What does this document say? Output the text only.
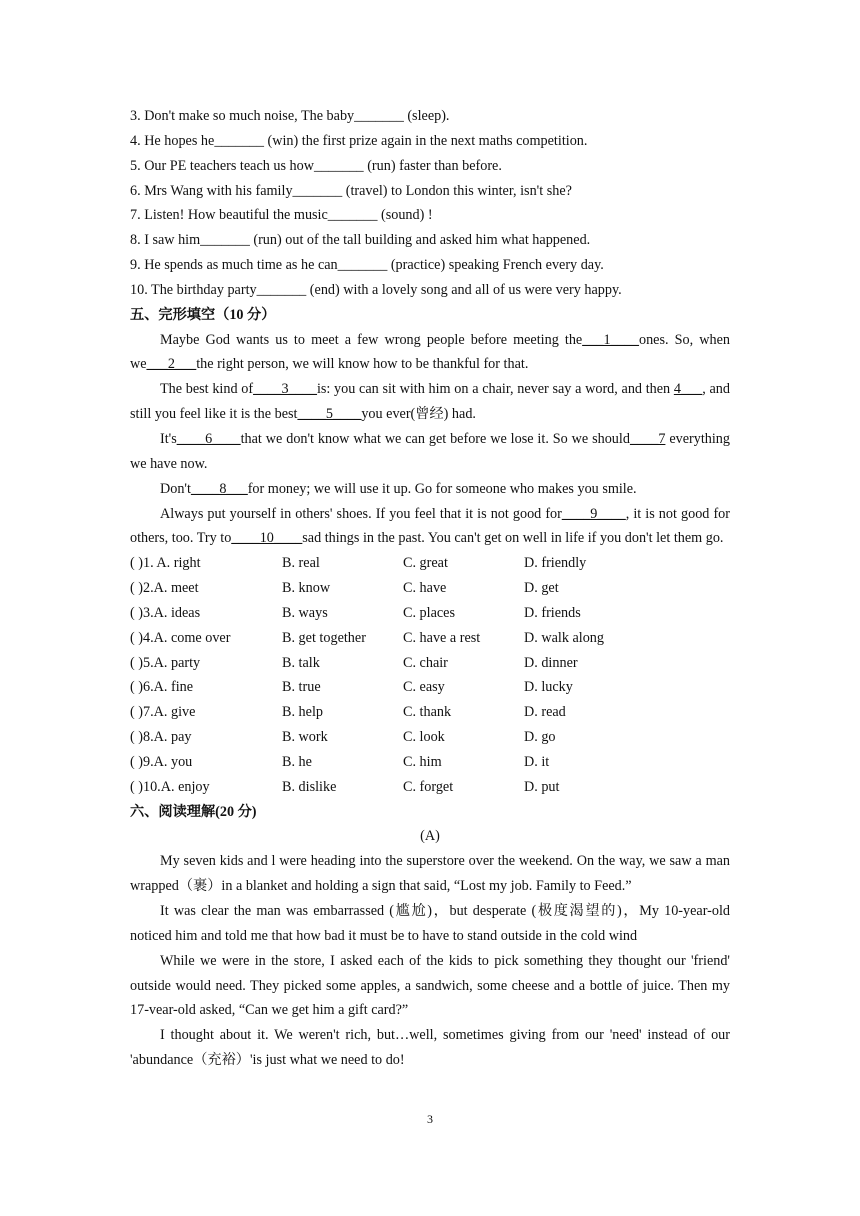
3. Don't make so much noise, The baby_______ (sleep).
4. He hopes he_______ (win) the first prize again in the next maths competition.
5. Our PE teachers teach us how_______ (run) faster than before.
6. Mrs Wang with his family_______ (travel) to London this winter, isn't she?
7. Listen! How beautiful the music_______ (sound) !
8. I saw him_______ (run) out of the tall building and asked him what happened.
9. He spends as much time as he can_______ (practice) speaking French every day.
10. The birthday party_______ (end) with a lovely song and all of us were very happy.
五、完形填空（10 分）
Maybe God wants us to meet a few wrong people before meeting the___1____ones. So, when we___2___the right person, we will know how to be thankful for that.
The best kind of____3____is: you can sit with him on a chair, never say a word, and then 4___, and still you feel like it is the best____5____you ever(曾经) had.
It's____6____that we don't know what we can get before we lose it. So we should____7 everything we have now.
Don't____8___for money; we will use it up. Go for someone who makes you smile.
Always put yourself in others' shoes. If you feel that it is not good for____9____, it is not good for others, too. Try to____10____sad things in the past. You can't get on well in life if you don't let them go.
( )1. A. right	B. real	C. great	D. friendly
( )2.A. meet	B. know	C. have	D. get
( )3.A. ideas	B. ways	C. places	D. friends
( )4.A. come over	B. get together	C. have a rest	D. walk along
( )5.A. party	B. talk	C. chair	D. dinner
( )6.A. fine	B. true	C. easy	D. lucky
( )7.A. give	B. help	C. thank	D. read
( )8.A. pay	B. work	C. look	D. go
( )9.A. you	B. he	C. him	D. it
( )10.A. enjoy	B. dislike	C. forget	D. put
六、阅读理解(20 分)
(A)
My seven kids and l were heading into the superstore over the weekend. On the way, we saw a man wrapped（裹）in a blanket and holding a sign that said, “Lost my job. Family to Feed.”
It was clear the man was embarrassed (尴尬)，but desperate (极度渴望的)，My 10-year-old noticed him and told me that how bad it must be to have to stand outside in the cold wind
While we were in the store, I asked each of the kids to pick something they thought our 'friend' outside would need. They picked some apples, a sandwich, some cheese and a bottle of juice. Then my 17-vear-old asked, “Can we get him a gift card?”
I thought about it. We weren't rich, but…well, sometimes giving from our 'need' instead of our 'abundance（充裕）'is just what we need to do!
3
